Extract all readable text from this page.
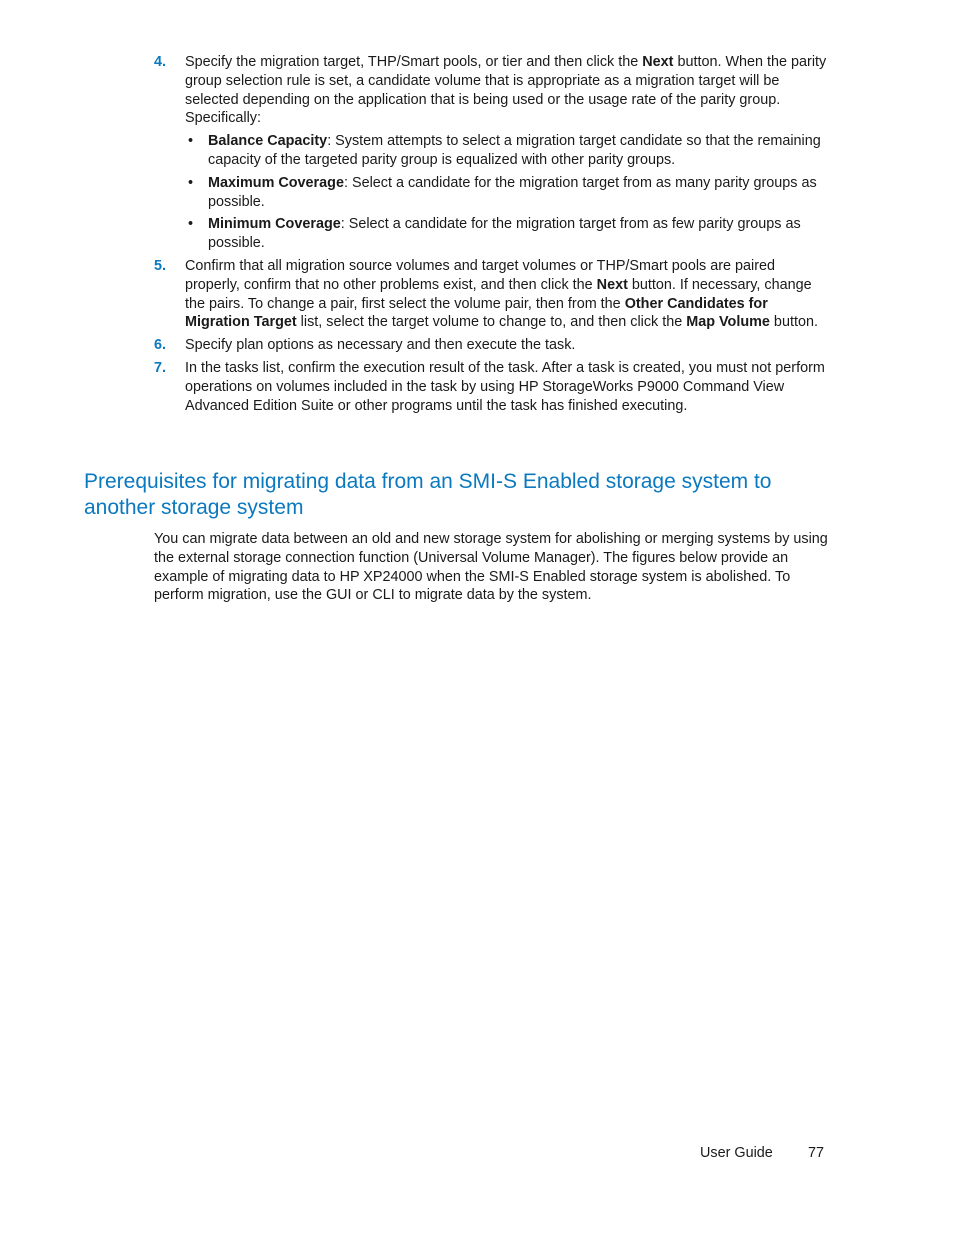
4. Specify the migration target, THP/Smart pools, or tier and then click the Next button. When the parity group selection rule is set, a candidate volume that is appropriate as a migration target will be selected depending on the application that is being used or the usage rate of the parity group. Specifically:
• Balance Capacity: System attempts to select a migration target candidate so that the remaining capacity of the targeted parity group is equalized with other parity groups.
• Maximum Coverage: Select a candidate for the migration target from as many parity groups as possible.
• Minimum Coverage: Select a candidate for the migration target from as few parity groups as possible.
5. Confirm that all migration source volumes and target volumes or THP/Smart pools are paired properly, confirm that no other problems exist, and then click the Next button. If necessary, change the pairs. To change a pair, first select the volume pair, then from the Other Candidates for Migration Target list, select the target volume to change to, and then click the Map Volume button.
6. Specify plan options as necessary and then execute the task.
7. In the tasks list, confirm the execution result of the task. After a task is created, you must not perform operations on volumes included in the task by using HP StorageWorks P9000 Command View Advanced Edition Suite or other programs until the task has finished executing.
Prerequisites for migrating data from an SMI-S Enabled storage system to another storage system

You can migrate data between an old and new storage system for abolishing or merging systems by using the external storage connection function (Universal Volume Manager). The figures below provide an example of migrating data to HP XP24000 when the SMI-S Enabled storage system is abolished. To perform migration, use the GUI or CLI to migrate data by the system.

User Guide 77
